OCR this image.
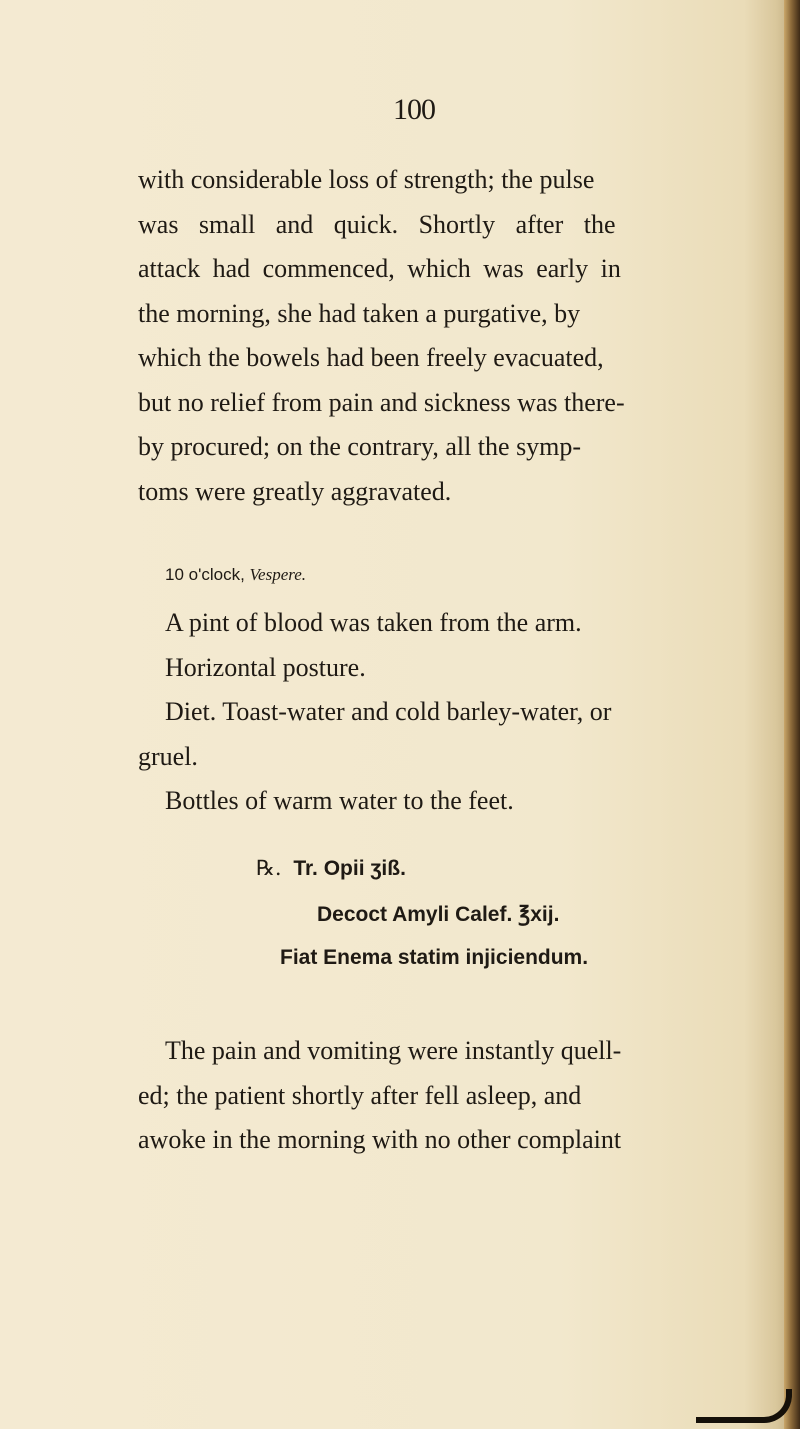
100
with considerable loss of strength; the pulse
was small and quick. Shortly after the
attack had commenced, which was early in
the morning, she had taken a purgative, by
which the bowels had been freely evacuated,
but no relief from pain and sickness was there-
by procured; on the contrary, all the symp-
toms were greatly aggravated.
10 o'clock, Vespere.
A pint of blood was taken from the arm.
Horizontal posture.
Diet. Toast-water and cold barley-water, or
gruel.
Bottles of warm water to the feet.
℞. Tr. Opii ʒiß.
Decoct Amyli Calef. ℥xij.
Fiat Enema statim injiciendum.
The pain and vomiting were instantly quell-
ed; the patient shortly after fell asleep, and
awoke in the morning with no other complaint
